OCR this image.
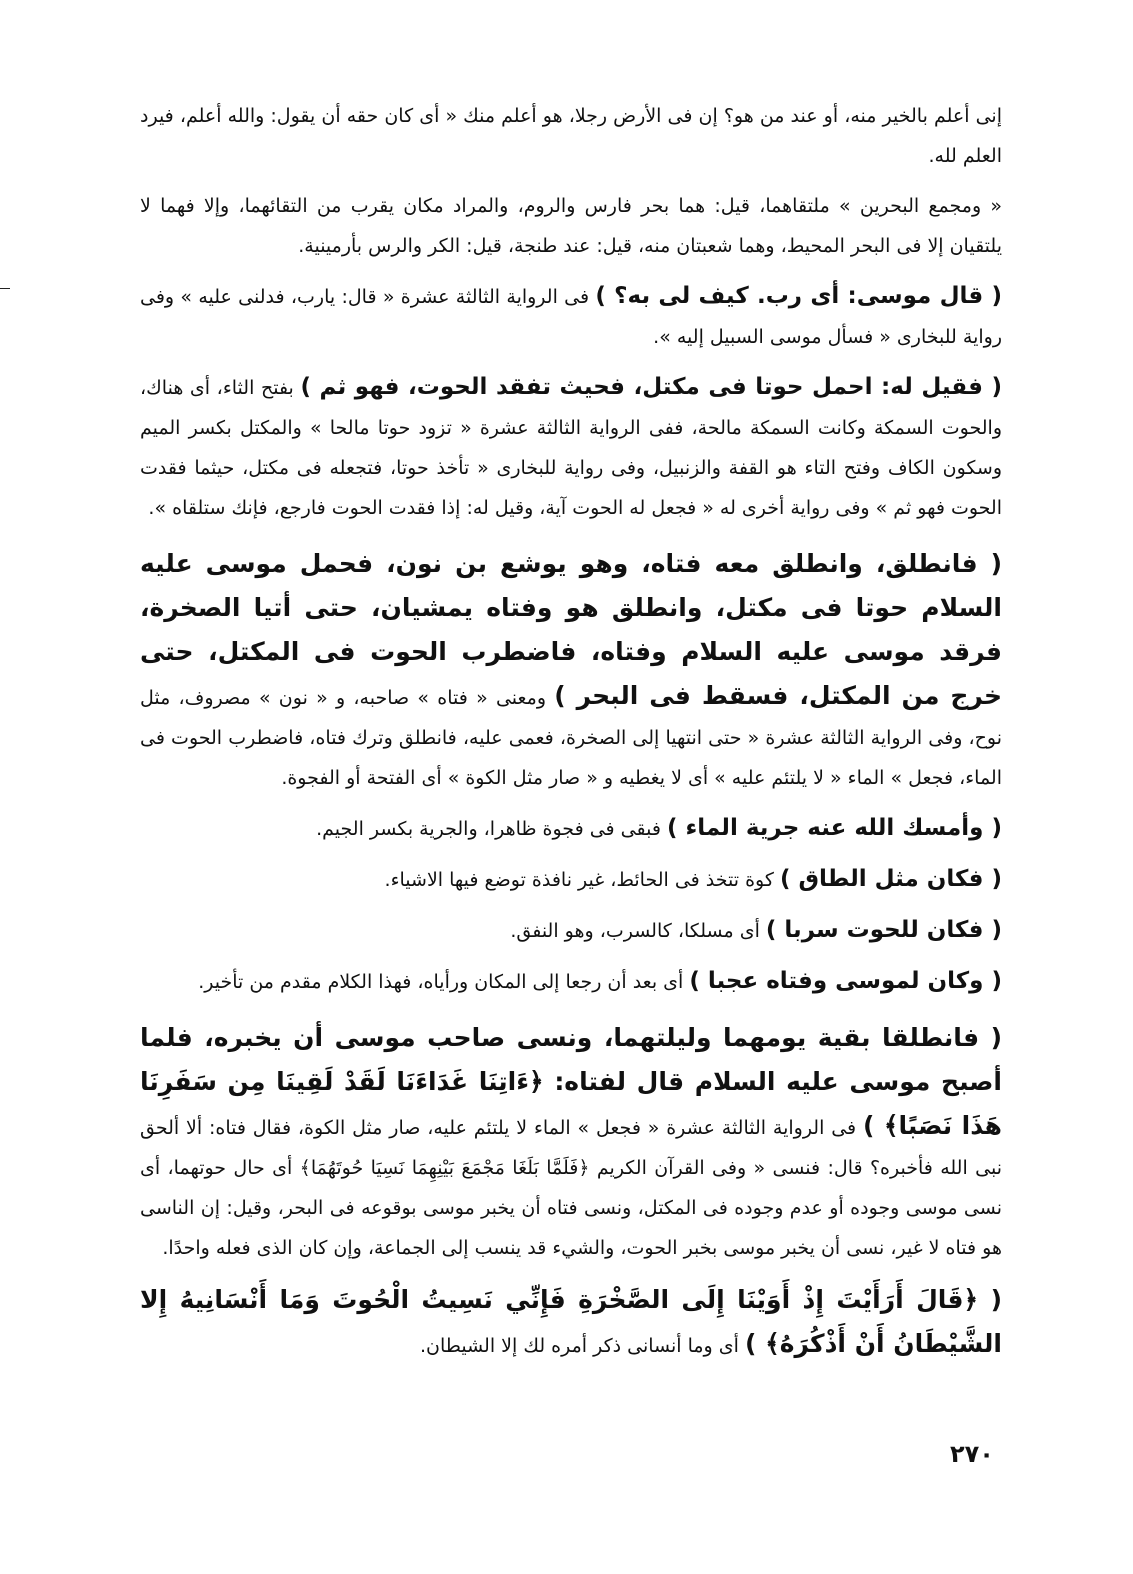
إنى أعلم بالخير منه، أو عند من هو؟ إن فى الأرض رجلا، هو أعلم منك « أى كان حقه أن يقول: والله أعلم، فيرد العلم لله.

« ومجمع البحرين » ملتقاهما، قيل: هما بحر فارس والروم، والمراد مكان يقرب من التقائهما، وإلا فهما لا يلتقيان إلا فى البحر المحيط، وهما شعبتان منه، قيل: عند طنجة، قيل: الكر والرس بأرمينية.

( قال موسى: أى رب. كيف لى به؟ ) فى الرواية الثالثة عشرة « قال: يارب، فدلنى عليه » وفى رواية للبخارى « فسأل موسى السبيل إليه ».

( فقيل له: احمل حوتا فى مكتل، فحيث تفقد الحوت، فهو ثم ) بفتح الثاء، أى هناك، والحوت السمكة وكانت السمكة مالحة، ففى الرواية الثالثة عشرة « تزود حوتا مالحا » والمكتل بكسر الميم وسكون الكاف وفتح التاء هو القفة والزنبيل، وفى رواية للبخارى « تأخذ حوتا، فتجعله فى مكتل، حيثما فقدت الحوت فهو ثم » وفى رواية أخرى له « فجعل له الحوت آية، وقيل له: إذا فقدت الحوت فارجع، فإنك ستلقاه ».

( فانطلق، وانطلق معه فتاه، وهو يوشع بن نون، فحمل موسى عليه السلام حوتا فى مكتل، وانطلق هو وفتاه يمشيان، حتى أتيا الصخرة، فرقد موسى عليه السلام وفتاه، فاضطرب الحوت فى المكتل، حتى خرج من المكتل، فسقط فى البحر ) ومعنى « فتاه » صاحبه، و « نون » مصروف، مثل نوح، وفى الرواية الثالثة عشرة « حتى انتهيا إلى الصخرة، فعمى عليه، فانطلق وترك فتاه، فاضطرب الحوت فى الماء، فجعل » الماء « لا يلتئم عليه » أى لا يغطيه و « صار مثل الكوة » أى الفتحة أو الفجوة.

( وأمسك الله عنه جرية الماء ) فبقى فى فجوة ظاهرا، والجرية بكسر الجيم.

( فكان مثل الطاق ) كوة تتخذ فى الحائط، غير نافذة توضع فيها الاشياء.

( فكان للحوت سربا ) أى مسلكا، كالسرب، وهو النفق.

( وكان لموسى وفتاه عجبا ) أى بعد أن رجعا إلى المكان ورأياه، فهذا الكلام مقدم من تأخير.

( فانطلقا بقية يومهما وليلتهما، ونسى صاحب موسى أن يخبره، فلما أصبح موسى عليه السلام قال لفتاه: ﴿ءَاتِنَا غَدَاءَنَا لَقَدْ لَقِينَا مِن سَفَرِنَا هَذَا نَصَبًا﴾ ) فى الرواية الثالثة عشرة « فجعل » الماء لا يلتئم عليه، صار مثل الكوة، فقال فتاه: ألا ألحق نبى الله فأخبره؟ قال: فنسى « وفى القرآن الكريم ﴿فَلَمَّا بَلَغَا مَجْمَعَ بَيْنِهِمَا نَسِيَا حُوتَهُمَا﴾ أى حال حوتهما، أى نسى موسى وجوده أو عدم وجوده فى المكتل، ونسى فتاه أن يخبر موسى بوقوعه فى البحر، وقيل: إن الناسى هو فتاه لا غير، نسى أن يخبر موسى بخبر الحوت، والشيء قد ينسب إلى الجماعة، وإن كان الذى فعله واحدًا.

( ﴿قَالَ أَرَأَيْتَ إِذْ أَوَيْنَا إِلَى الصَّخْرَةِ فَإِنِّي نَسِيتُ الْحُوتَ وَمَا أَنْسَانِيهُ إِلا الشَّيْطَانُ أَنْ أَذْكُرَهُ﴾ ) أى وما أنسانى ذكر أمره لك إلا الشيطان.

٢٧٠
